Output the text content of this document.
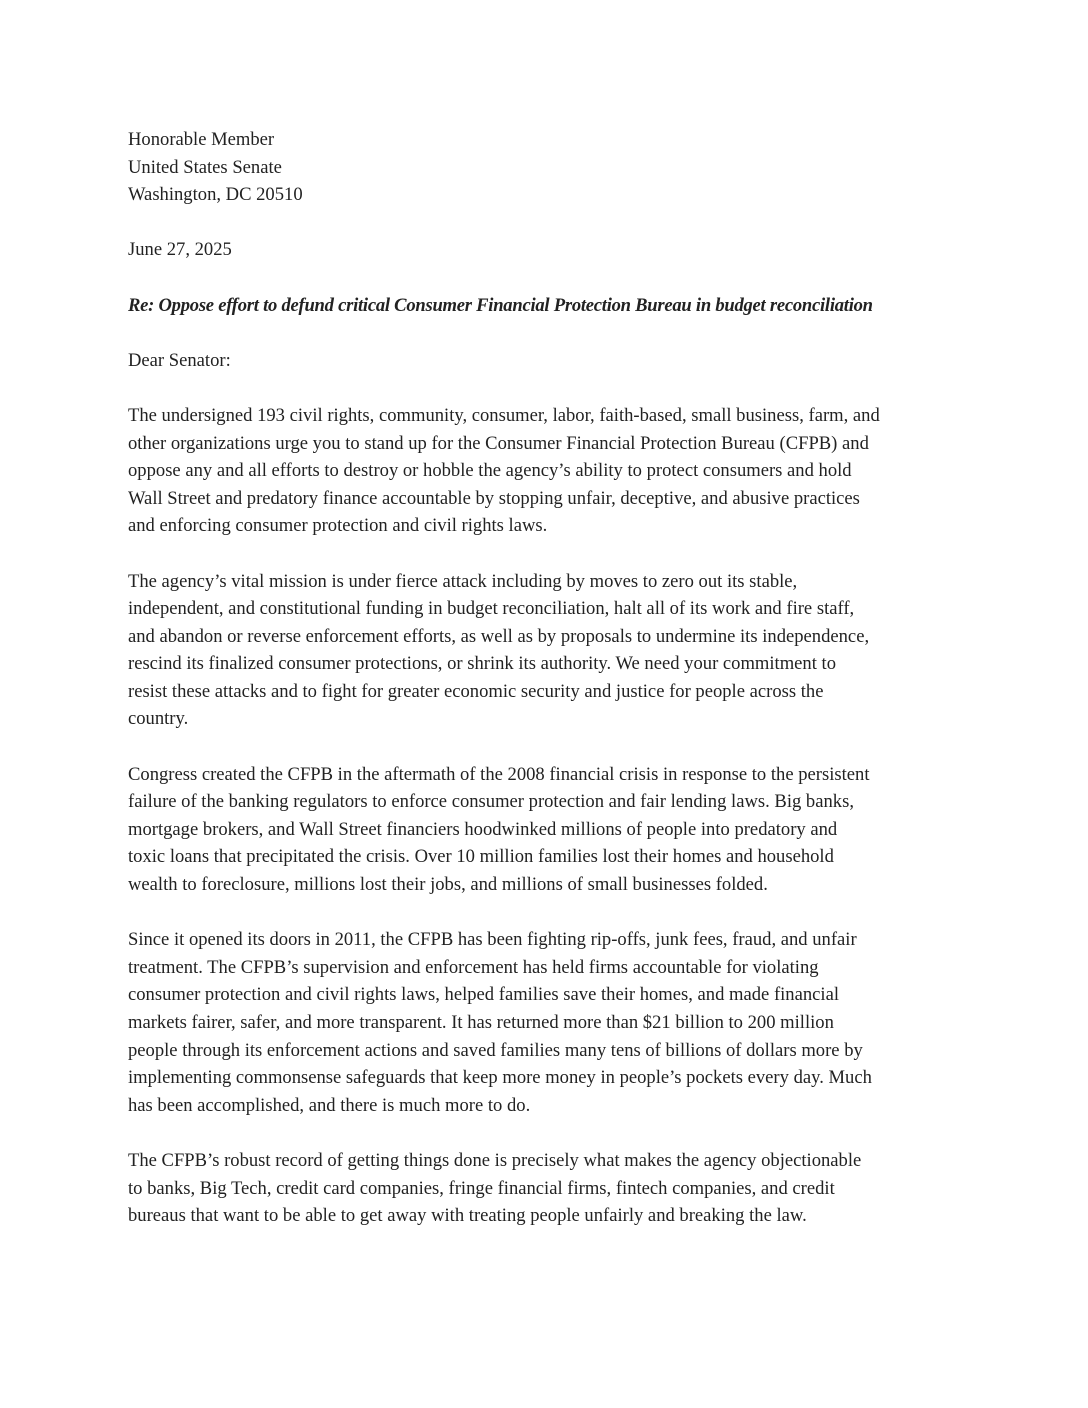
Honorable Member
United States Senate
Washington, DC 20510
June 27, 2025
Re: Oppose effort to defund critical Consumer Financial Protection Bureau in budget reconciliation
Dear Senator:
The undersigned 193 civil rights, community, consumer, labor, faith-based, small business, farm, and
other organizations urge you to stand up for the Consumer Financial Protection Bureau (CFPB) and
oppose any and all efforts to destroy or hobble the agency’s ability to protect consumers and hold
Wall Street and predatory finance accountable by stopping unfair, deceptive, and abusive practices
and enforcing consumer protection and civil rights laws.
The agency’s vital mission is under fierce attack including by moves to zero out its stable,
independent, and constitutional funding in budget reconciliation, halt all of its work and fire staff,
and abandon or reverse enforcement efforts, as well as by proposals to undermine its independence,
rescind its finalized consumer protections, or shrink its authority. We need your commitment to
resist these attacks and to fight for greater economic security and justice for people across the
country.
Congress created the CFPB in the aftermath of the 2008 financial crisis in response to the persistent
failure of the banking regulators to enforce consumer protection and fair lending laws. Big banks,
mortgage brokers, and Wall Street financiers hoodwinked millions of people into predatory and
toxic loans that precipitated the crisis. Over 10 million families lost their homes and household
wealth to foreclosure, millions lost their jobs, and millions of small businesses folded.
Since it opened its doors in 2011, the CFPB has been fighting rip-offs, junk fees, fraud, and unfair
treatment. The CFPB’s supervision and enforcement has held firms accountable for violating
consumer protection and civil rights laws, helped families save their homes, and made financial
markets fairer, safer, and more transparent. It has returned more than $21 billion to 200 million
people through its enforcement actions and saved families many tens of billions of dollars more by
implementing commonsense safeguards that keep more money in people’s pockets every day. Much
has been accomplished, and there is much more to do.
The CFPB’s robust record of getting things done is precisely what makes the agency objectionable
to banks, Big Tech, credit card companies, fringe financial firms, fintech companies, and credit
bureaus that want to be able to get away with treating people unfairly and breaking the law.
